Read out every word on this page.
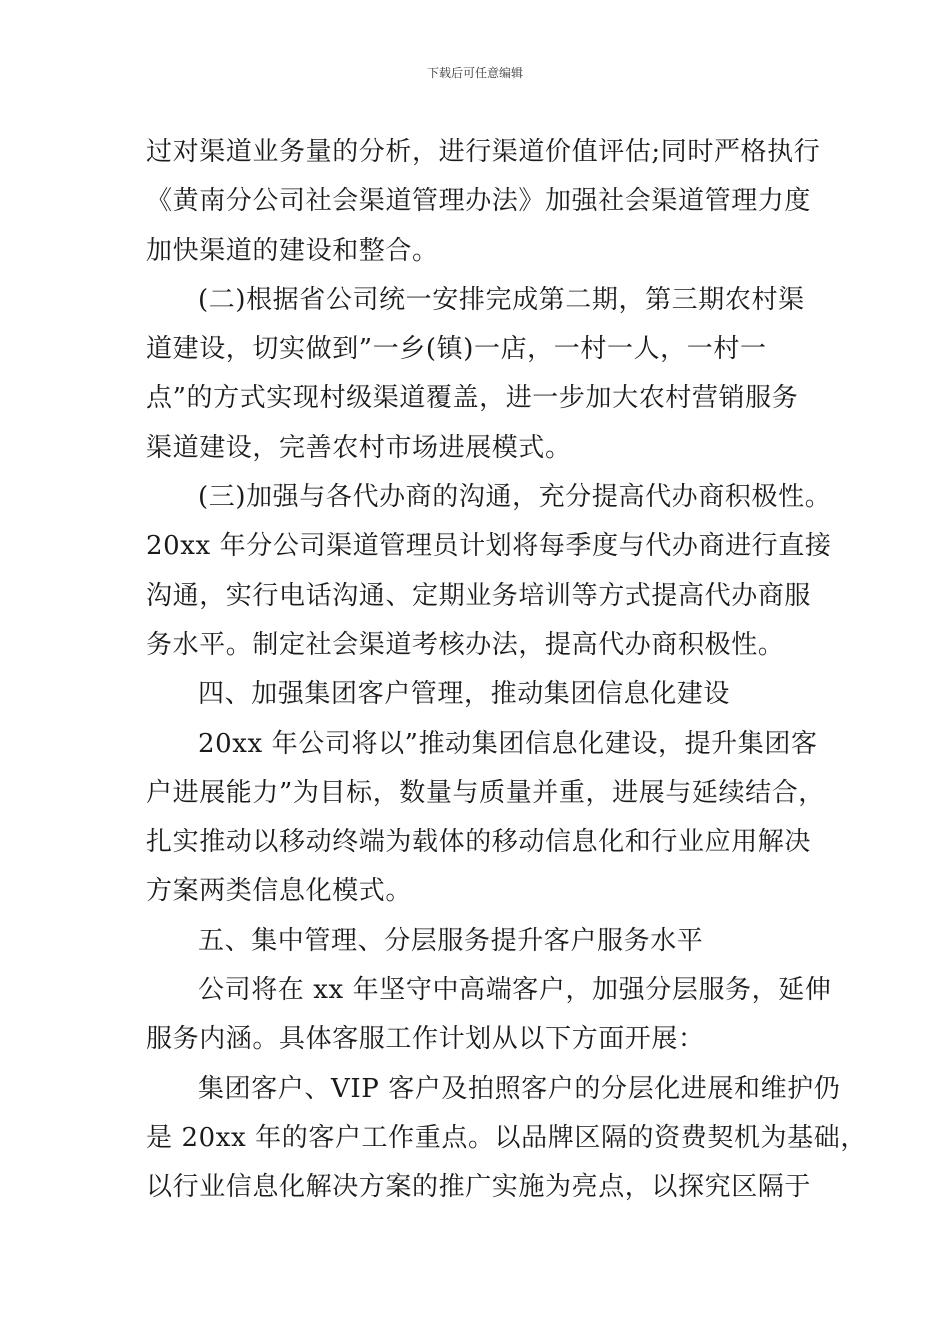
下载后可任意编辑

过对渠道业务量的分析，进行渠道价值评估;同时严格执行
《黄南分公司社会渠道管理办法》加强社会渠道管理力度
加快渠道的建设和整合。

(二)根据省公司统一安排完成第二期，第三期农村渠
道建设，切实做到”一乡(镇)一店，一村一人，一村一
点”的方式实现村级渠道覆盖，进一步加大农村营销服务
渠道建设，完善农村市场进展模式。

(三)加强与各代办商的沟通，充分提高代办商积极性。
20xx 年分公司渠道管理员计划将每季度与代办商进行直接
沟通，实行电话沟通、定期业务培训等方式提高代办商服
务水平。制定社会渠道考核办法，提高代办商积极性。

四、加强集团客户管理，推动集团信息化建设

20xx 年公司将以”推动集团信息化建设，提升集团客
户进展能力”为目标，数量与质量并重，进展与延续结合，
扎实推动以移动终端为载体的移动信息化和行业应用解决
方案两类信息化模式。

五、集中管理、分层服务提升客户服务水平

公司将在 xx 年坚守中高端客户，加强分层服务，延伸
服务内涵。具体客服工作计划从以下方面开展：

集团客户、VIP 客户及拍照客户的分层化进展和维护仍
是 20xx 年的客户工作重点。以品牌区隔的资费契机为基础，
以行业信息化解决方案的推广实施为亮点，以探究区隔于
